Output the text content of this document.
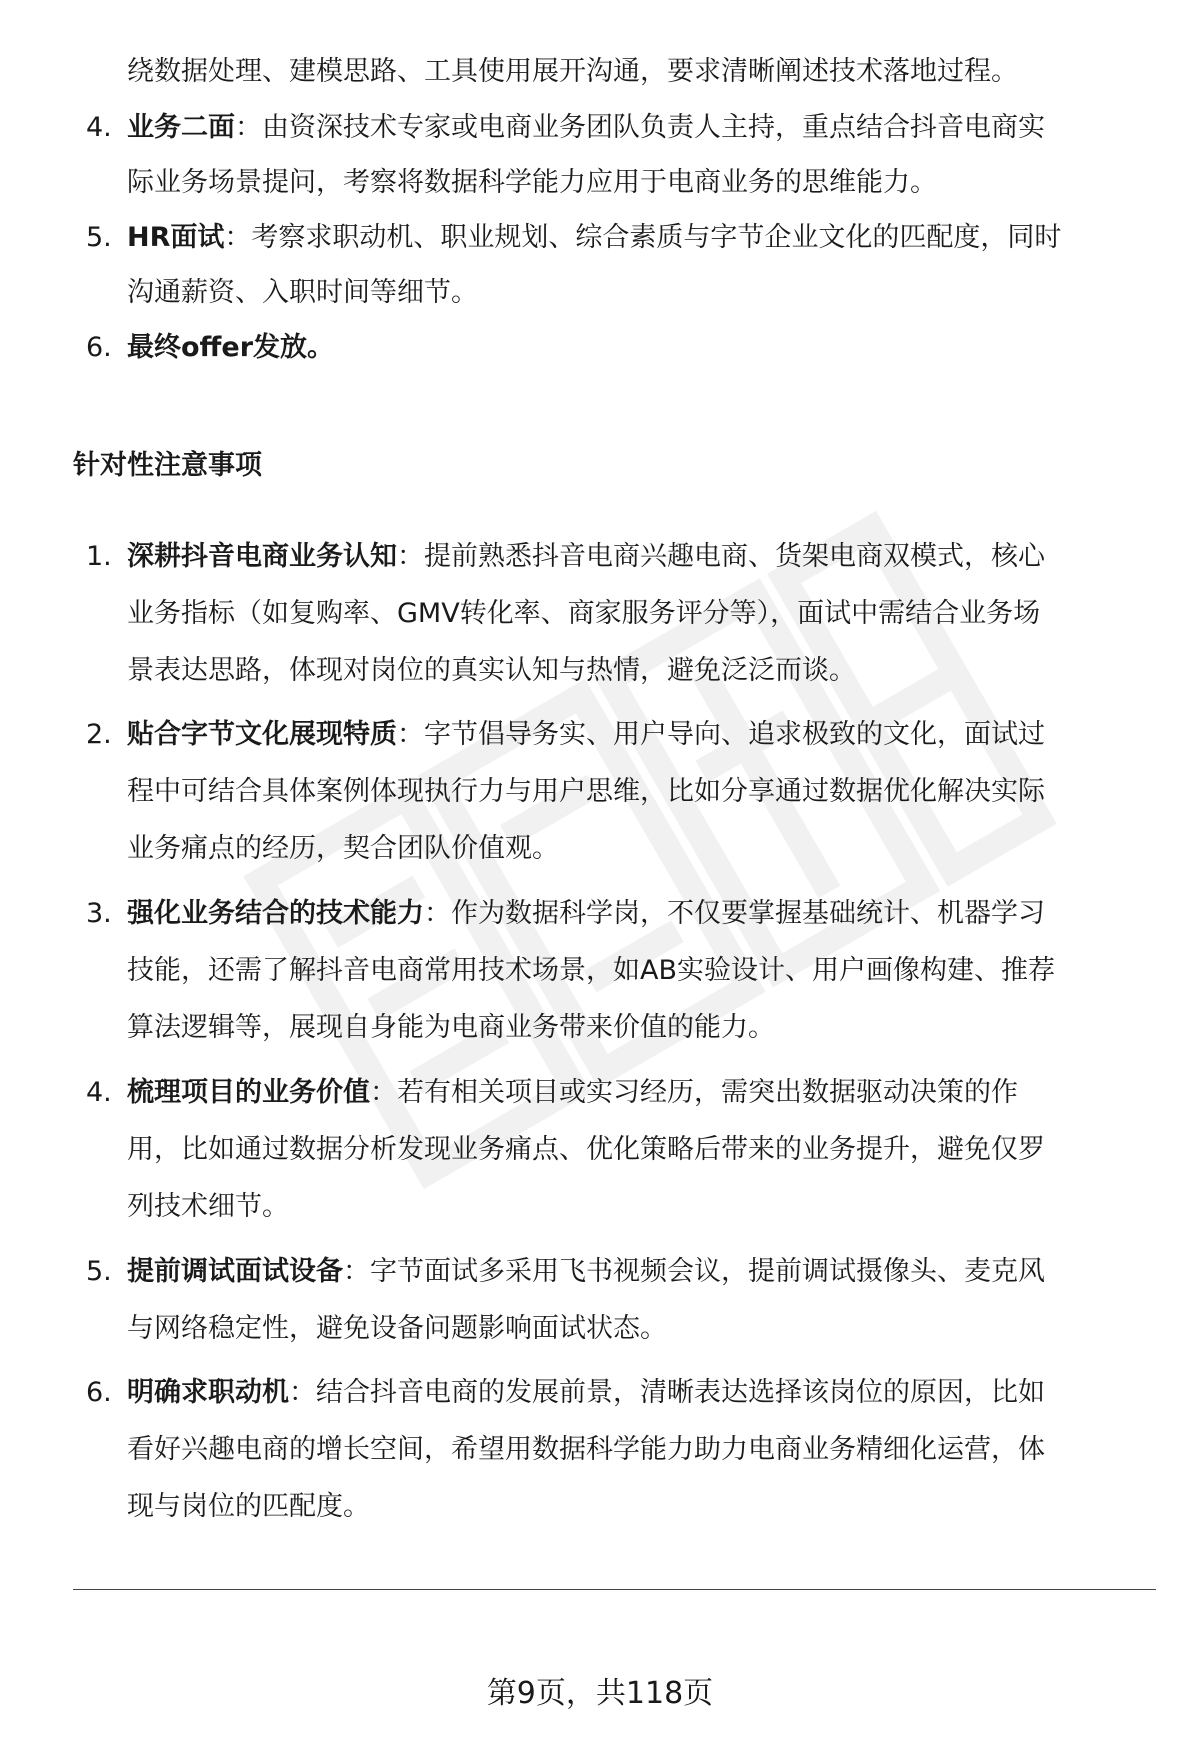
绕数据处理、建模思路、工具使用展开沟通，要求清晰阐述技术落地过程。
4. 业务二面：由资深技术专家或电商业务团队负责人主持，重点结合抖音电商实
际业务场景提问，考察将数据科学能力应用于电商业务的思维能力。
5. HR面试：考察求职动机、职业规划、综合素质与字节企业文化的匹配度，同时
沟通薪资、入职时间等细节。
6. 最终offer发放。
针对性注意事项
1. 深耕抖音电商业务认知：提前熟悉抖音电商兴趣电商、货架电商双模式，核心
业务指标（如复购率、GMV转化率、商家服务评分等），面试中需结合业务场
景表达思路，体现对岗位的真实认知与热情，避免泛泛而谈。
2. 贴合字节文化展现特质：字节倡导务实、用户导向、追求极致的文化，面试过
程中可结合具体案例体现执行力与用户思维，比如分享通过数据优化解决实际
业务痛点的经历，契合团队价值观。
3. 强化业务结合的技术能力：作为数据科学岗，不仅要掌握基础统计、机器学习
技能，还需了解抖音电商常用技术场景，如AB实验设计、用户画像构建、推荐
算法逻辑等，展现自身能为电商业务带来价值的能力。
4. 梳理项目的业务价值：若有相关项目或实习经历，需突出数据驱动决策的作
用，比如通过数据分析发现业务痛点、优化策略后带来的业务提升，避免仅罗
列技术细节。
5. 提前调试面试设备：字节面试多采用飞书视频会议，提前调试摄像头、麦克风
与网络稳定性，避免设备问题影响面试状态。
6. 明确求职动机：结合抖音电商的发展前景，清晰表达选择该岗位的原因，比如
看好兴趣电商的增长空间，希望用数据科学能力助力电商业务精细化运营，体
现与岗位的匹配度。
第9页，共118页
